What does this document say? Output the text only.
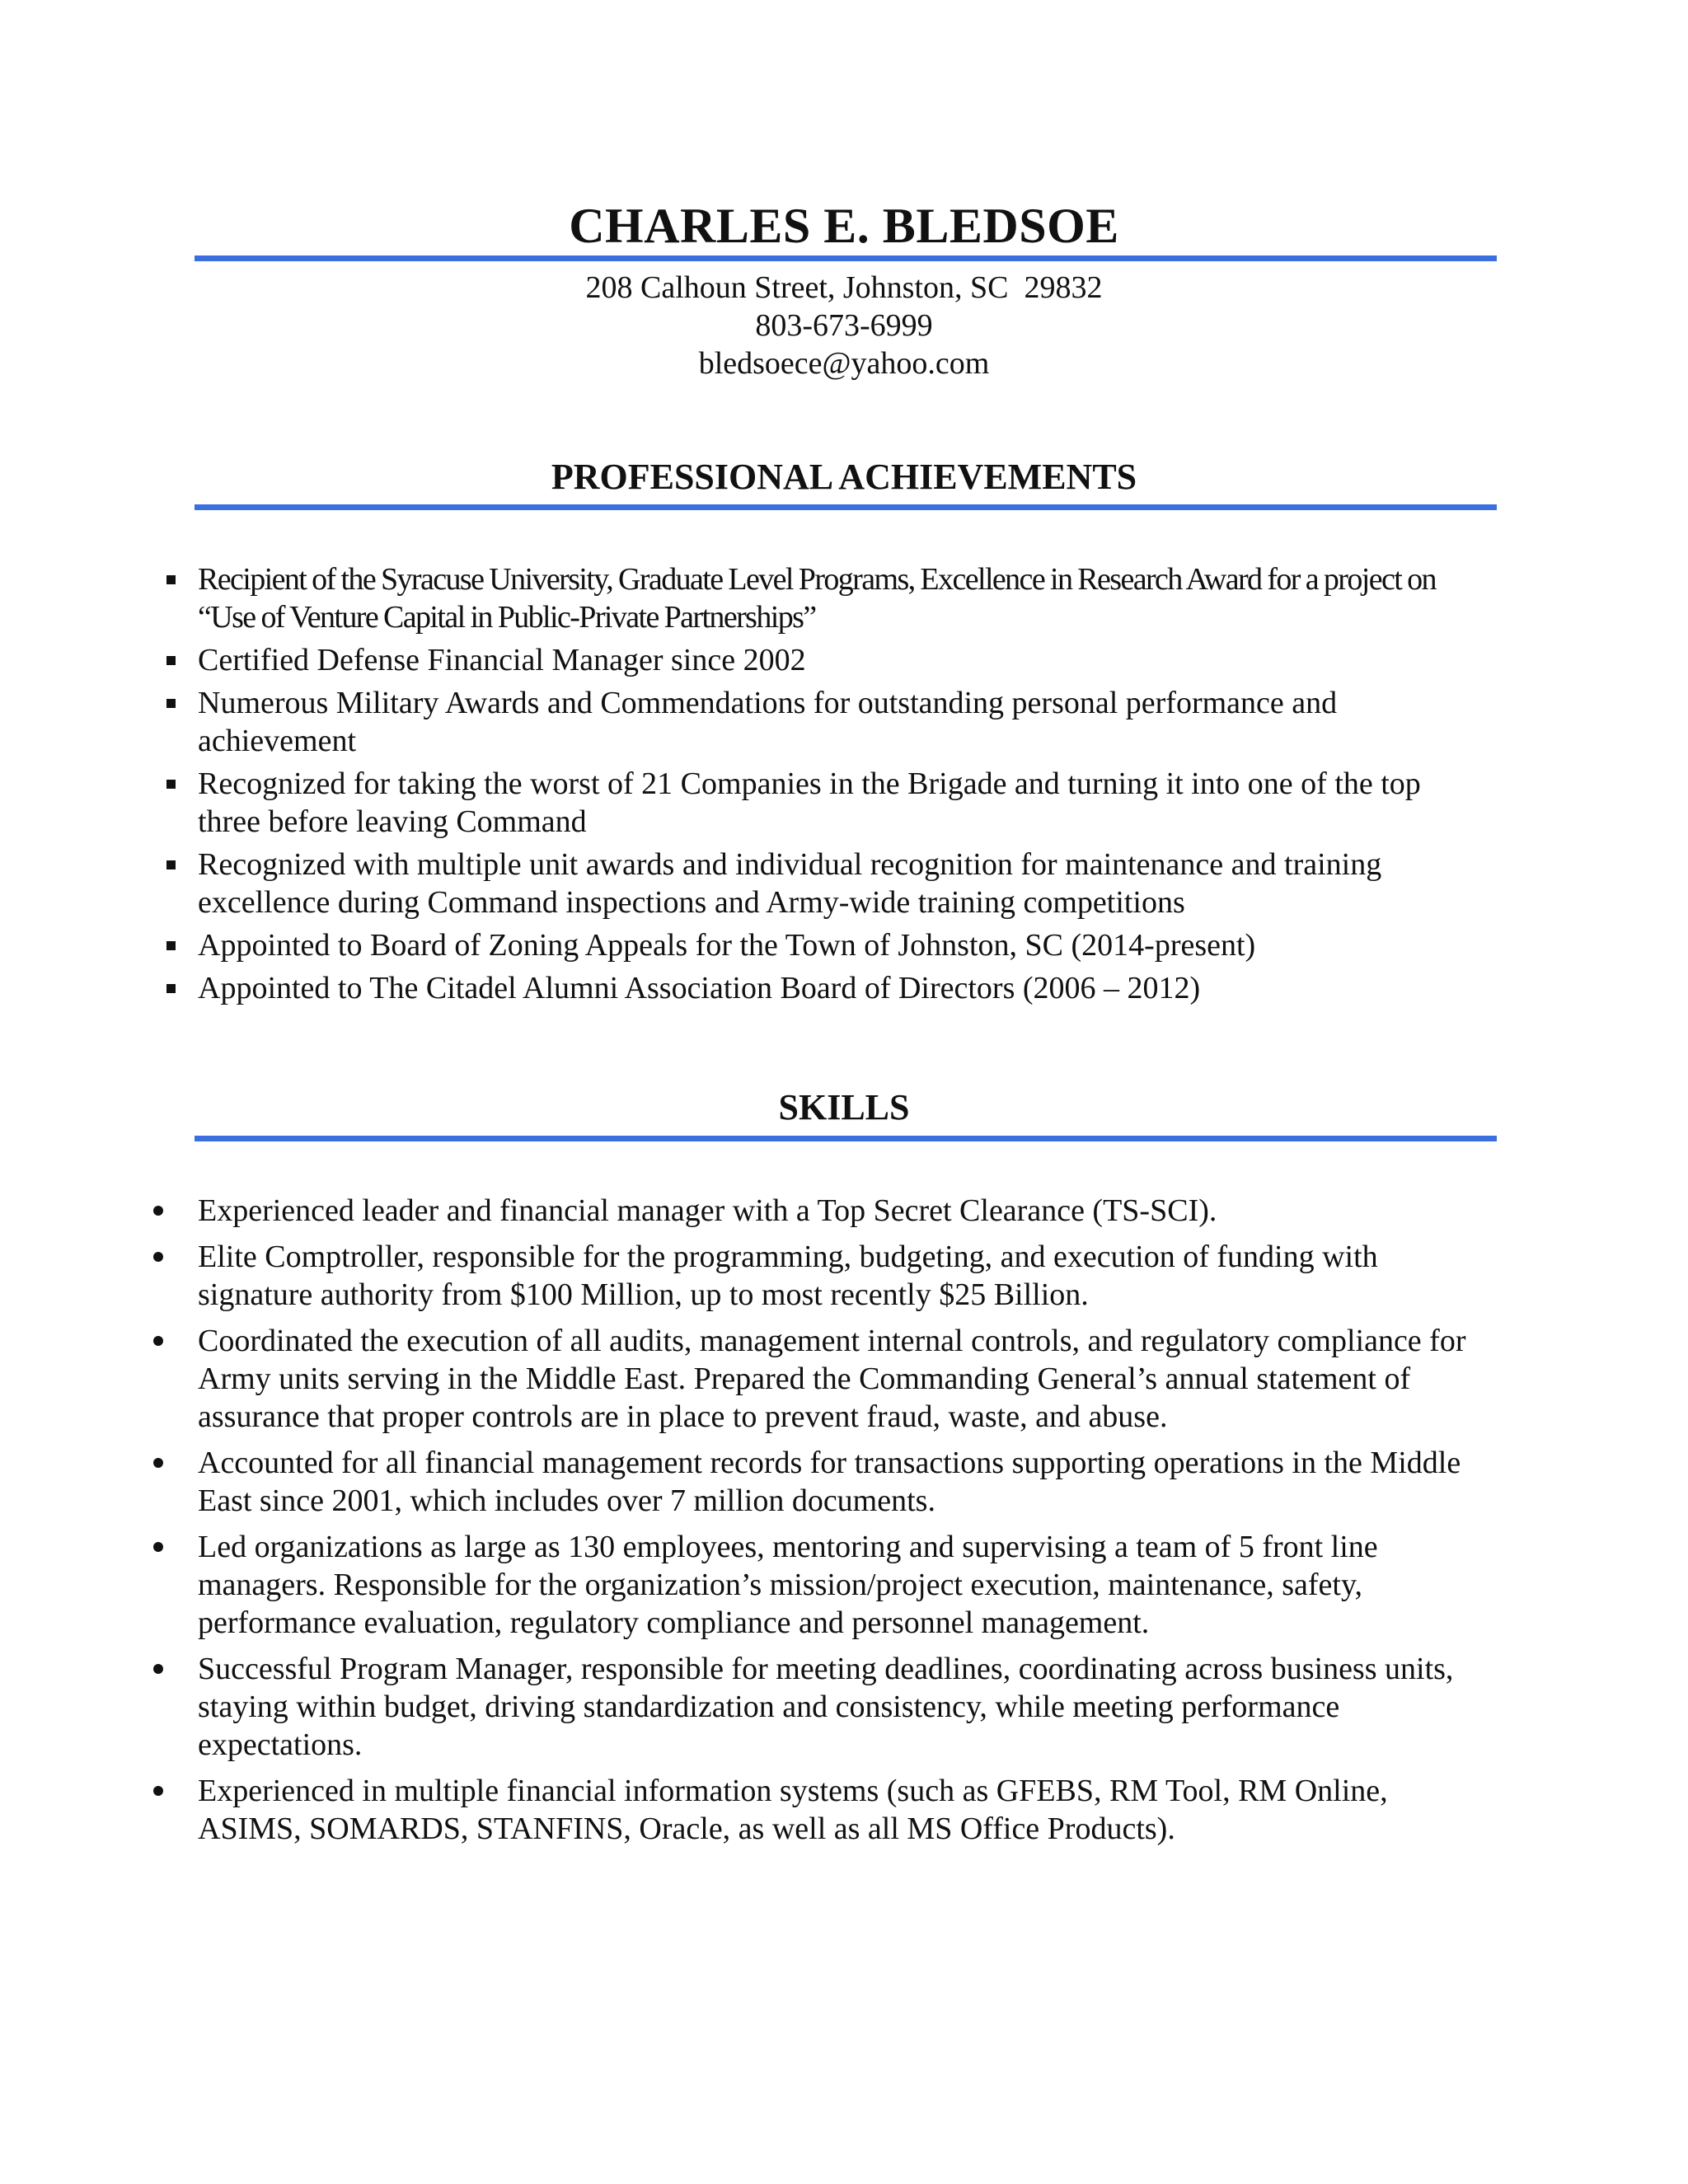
CHARLES E. BLEDSOE
208 Calhoun Street, Johnston, SC  29832
803-673-6999
bledsoece@yahoo.com
PROFESSIONAL ACHIEVEMENTS
Recipient of the Syracuse University, Graduate Level Programs, Excellence in Research Award for a project on “Use of Venture Capital in Public-Private Partnerships”
Certified Defense Financial Manager since 2002
Numerous Military Awards and Commendations for outstanding personal performance and achievement
Recognized for taking the worst of 21 Companies in the Brigade and turning it into one of the top three before leaving Command
Recognized with multiple unit awards and individual recognition for maintenance and training excellence during Command inspections and Army-wide training competitions
Appointed to Board of Zoning Appeals for the Town of Johnston, SC (2014-present)
Appointed to The Citadel Alumni Association Board of Directors (2006 – 2012)
SKILLS
Experienced leader and financial manager with a Top Secret Clearance (TS-SCI).
Elite Comptroller, responsible for the programming, budgeting, and execution of funding with signature authority from $100 Million, up to most recently $25 Billion.
Coordinated the execution of all audits, management internal controls, and regulatory compliance for Army units serving in the Middle East. Prepared the Commanding General’s annual statement of assurance that proper controls are in place to prevent fraud, waste, and abuse.
Accounted for all financial management records for transactions supporting operations in the Middle East since 2001, which includes over 7 million documents.
Led organizations as large as 130 employees, mentoring and supervising a team of 5 front line managers. Responsible for the organization’s mission/project execution, maintenance, safety, performance evaluation, regulatory compliance and personnel management.
Successful Program Manager, responsible for meeting deadlines, coordinating across business units, staying within budget, driving standardization and consistency, while meeting performance expectations.
Experienced in multiple financial information systems (such as GFEBS, RM Tool, RM Online, ASIMS, SOMARDS, STANFINS, Oracle, as well as all MS Office Products).
